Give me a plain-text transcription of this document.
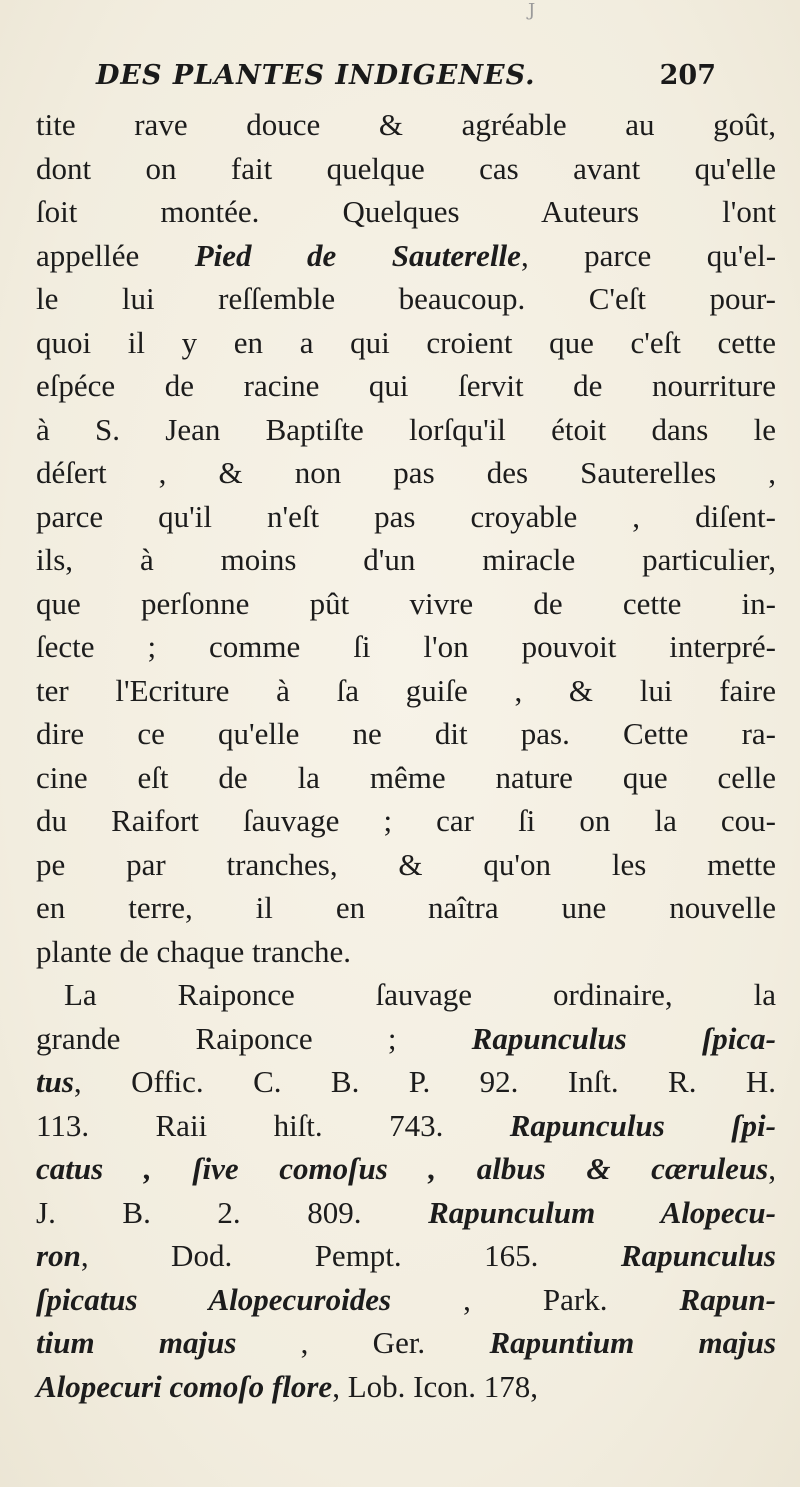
J
DES PLANTES INDIGENES.	207
tite rave douce & agréable au goût,
dont on fait quelque cas avant qu'elle
ſoit montée. Quelques Auteurs l'ont
appellée Pied de Sauterelle, parce qu'el-
le lui reſſemble beaucoup. C'eſt pour-
quoi il y en a qui croient que c'eſt cette
eſpéce de racine qui ſervit de nourriture
à S. Jean Baptiſte lorſqu'il étoit dans le
déſert , & non pas des Sauterelles ,
parce qu'il n'eſt pas croyable , diſent-
ils, à moins d'un miracle particulier,
que perſonne pût vivre de cette in-
ſecte ; comme ſi l'on pouvoit interpré-
ter l'Ecriture à ſa guiſe , & lui faire
dire ce qu'elle ne dit pas. Cette ra-
cine eſt de la même nature que celle
du Raifort ſauvage ; car ſi on la cou-
pe par tranches, & qu'on les mette
en terre, il en naîtra une nouvelle
plante de chaque tranche.
La Raiponce ſauvage ordinaire, la
grande Raiponce ; Rapunculus ſpica-
tus, Offic. C. B. P. 92. Inſt. R. H.
113. Raii hiſt. 743. Rapunculus ſpi-
catus , ſive comoſus , albus & cæruleus,
J. B. 2. 809. Rapunculum Alopecu-
ron, Dod. Pempt. 165. Rapunculus
ſpicatus Alopecuroides , Park. Rapun-
tium majus , Ger. Rapuntium majus
Alopecuri comoſo flore, Lob. Icon. 178,
